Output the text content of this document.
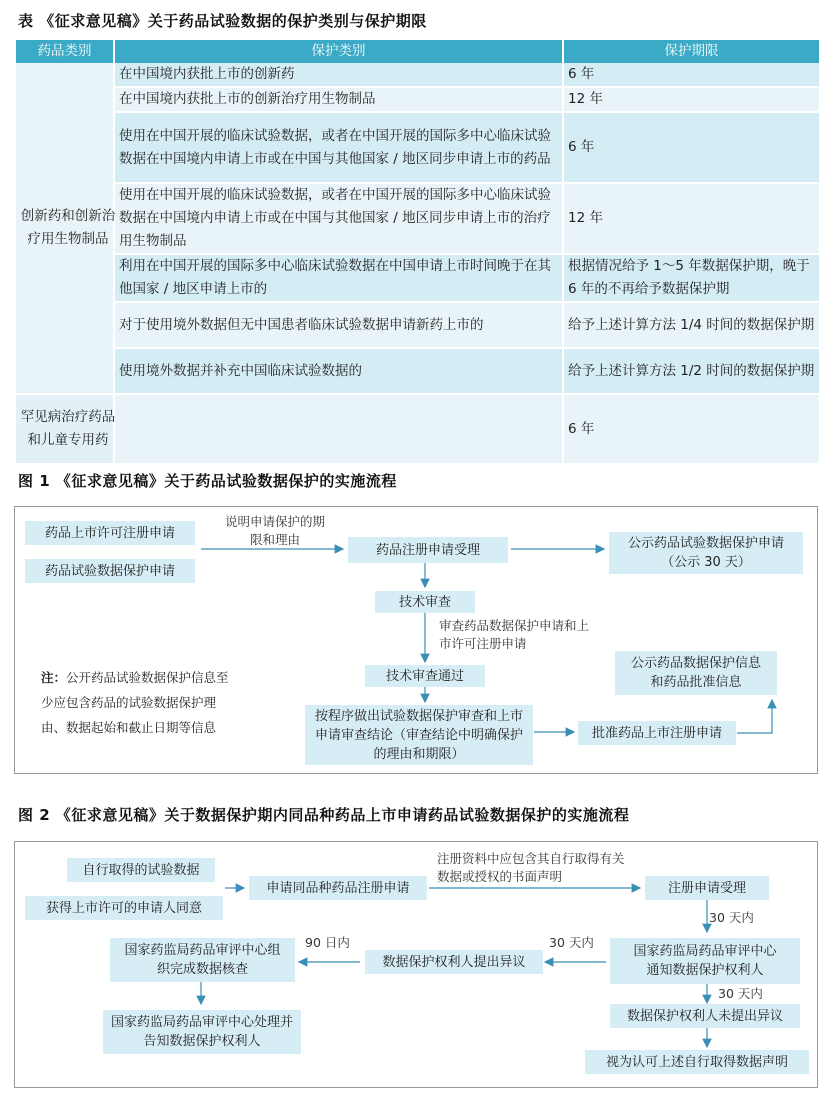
表 《征求意见稿》关于药品试验数据的保护类别与保护期限
药品类别	保护类别	保护期限

创新药和创新治疗用生物制品	在中国境内获批上市的创新药	6 年
	在中国境内获批上市的创新治疗用生物制品	12 年
	使用在中国开展的临床试验数据，或者在中国开展的国际多中心临床试验数据在中国境内申请上市或在中国与其他国家 / 地区同步申请上市的药品	6 年
	使用在中国开展的临床试验数据，或者在中国开展的国际多中心临床试验数据在中国境内申请上市或在中国与其他国家 / 地区同步申请上市的治疗用生物制品	12 年
	利用在中国开展的国际多中心临床试验数据在中国申请上市时间晚于在其他国家 / 地区申请上市的	根据情况给予 1～5 年数据保护期，晚于 6 年的不再给予数据保护期
	对于使用境外数据但无中国患者临床试验数据申请新药上市的	给予上述计算方法 1/4 时间的数据保护期
	使用境外数据并补充中国临床试验数据的	给予上述计算方法 1/2 时间的数据保护期

罕见病治疗药品和儿童专用药		6 年
图 1 《征求意见稿》关于药品试验数据保护的实施流程
药品上市许可注册申请
药品试验数据保护申请
说明申请保护的期限和理由
药品注册申请受理	公示药品试验数据保护申请（公示 30 天）
技术审查
审查药品数据保护申请和上市许可注册申请
技术审查通过
按程序做出试验数据保护审查和上市申请审查结论（审查结论中明确保护的理由和期限）
批准药品上市注册申请
公示药品数据保护信息和药品批准信息
注：公开药品试验数据保护信息至少应包含药品的试验数据保护理由、数据起始和截止日期等信息
图 2 《征求意见稿》关于数据保护期内同品种药品上市申请药品试验数据保护的实施流程
自行取得的试验数据
获得上市许可的申请人同意
申请同品种药品注册申请
注册资料中应包含其自行取得有关数据或授权的书面声明
注册申请受理
30 天内
国家药监局药品审评中心通知数据保护权利人
30 天内
数据保护权利人提出异议
90 日内
国家药监局药品审评中心组织完成数据核查
国家药监局药品审评中心处理并告知数据保护权利人
30 天内
数据保护权利人未提出异议
视为认可上述自行取得数据声明
